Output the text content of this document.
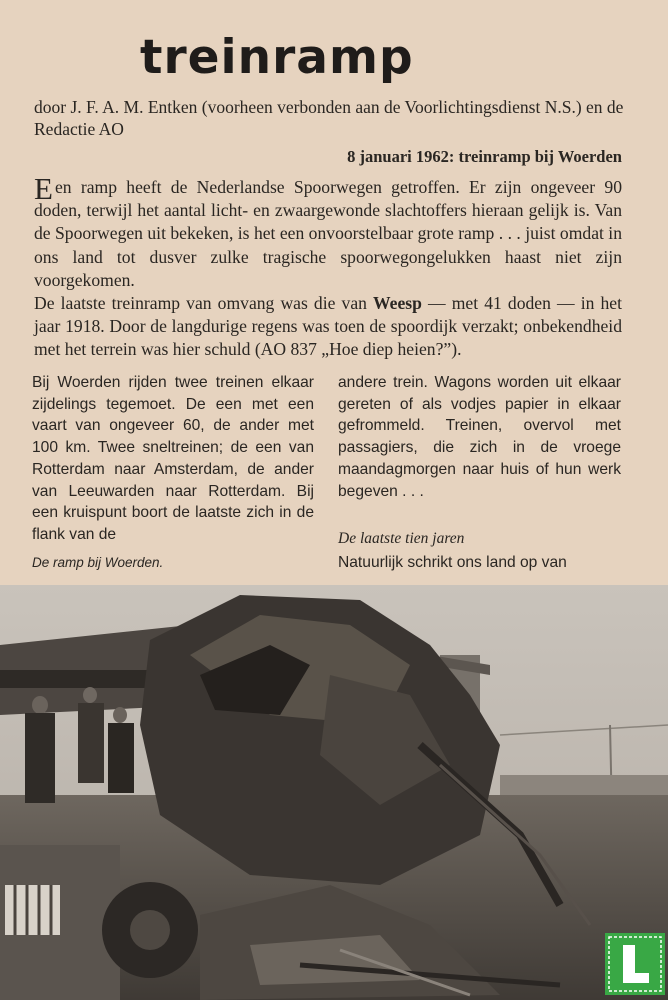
treinramp
door J. F. A. M. Entken (voorheen verbonden aan de Voorlichtingsdienst N.S.) en de Redactie AO
8 januari 1962: treinramp bij Woerden

Een ramp heeft de Nederlandse Spoorwegen getroffen. Er zijn ongeveer 90 doden, terwijl het aantal licht- en zwaargewonde slachtoffers hieraan gelijk is. Van de Spoorwegen uit bekeken, is het een onvoorstelbaar grote ramp . . . juist omdat in ons land tot dusver zulke tragische spoorwegongelukken haast niet zijn voorgekomen.

De laatste treinramp van omvang was die van Weesp — met 41 doden — in het jaar 1918. Door de langdurige regens was toen de spoordijk verzakt; onbekendheid met het terrein was hier schuld (AO 837 „Hoe diep heien?”).

Bij Woerden rijden twee treinen elkaar zijdelings tegemoet. De een met een vaart van ongeveer 60, de ander met 100 km. Twee sneltreinen; de een van Rotterdam naar Amsterdam, de ander van Leeuwarden naar Rotterdam. Bij een kruispunt boort de laatste zich in de flank van de

andere trein. Wagons worden uit elkaar gereten of als vodjes papier in elkaar gefrommeld. Treinen, overvol met passagiers, die zich in de vroege maandagmorgen naar huis of hun werk begeven . . .

De laatste tien jaren
Natuurlijk schrikt ons land op van
De ramp bij Woerden.
